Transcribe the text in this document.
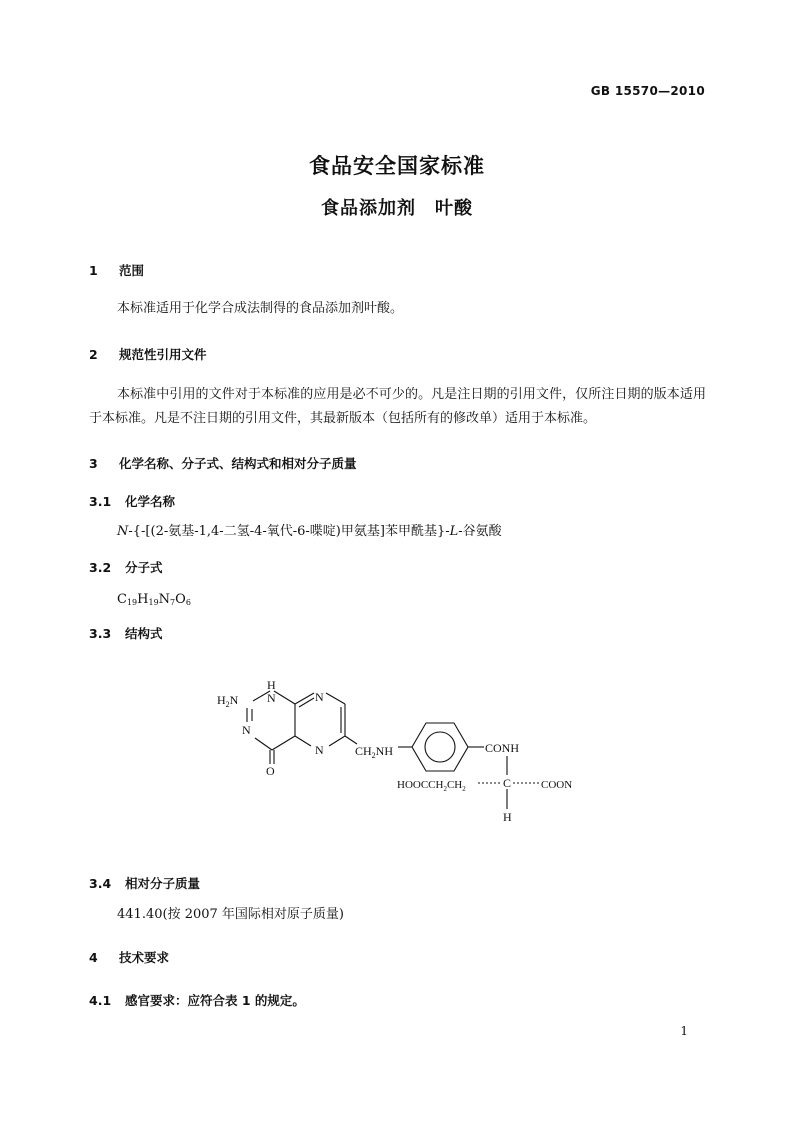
GB 15570—2010
食品安全国家标准
食品添加剂　叶酸
1 范围
本标准适用于化学合成法制得的食品添加剂叶酸。
2 规范性引用文件
本标准中引用的文件对于本标准的应用是必不可少的。凡是注日期的引用文件，仅所注日期的版本适用于本标准。凡是不注日期的引用文件，其最新版本（包括所有的修改单）适用于本标准。
3 化学名称、分子式、结构式和相对分子质量
3.1 化学名称
N-{-[(2-氨基-1,4-二氢-4-氧代-6-喋啶)甲氨基]苯甲酰基}-L-谷氨酸
3.2 分子式
$C_{19}H_{19}N_7O_6$
3.3 结构式
$H_2N$
H
N
N
O
N
N	$CH_2NH$	CONH
$HOOCCH_2CH_2$	C	COON
H
3.4 相对分子质量
441.40(按 2007 年国际相对原子质量)
4 技术要求
4.1 感官要求：应符合表 1 的规定。
1
